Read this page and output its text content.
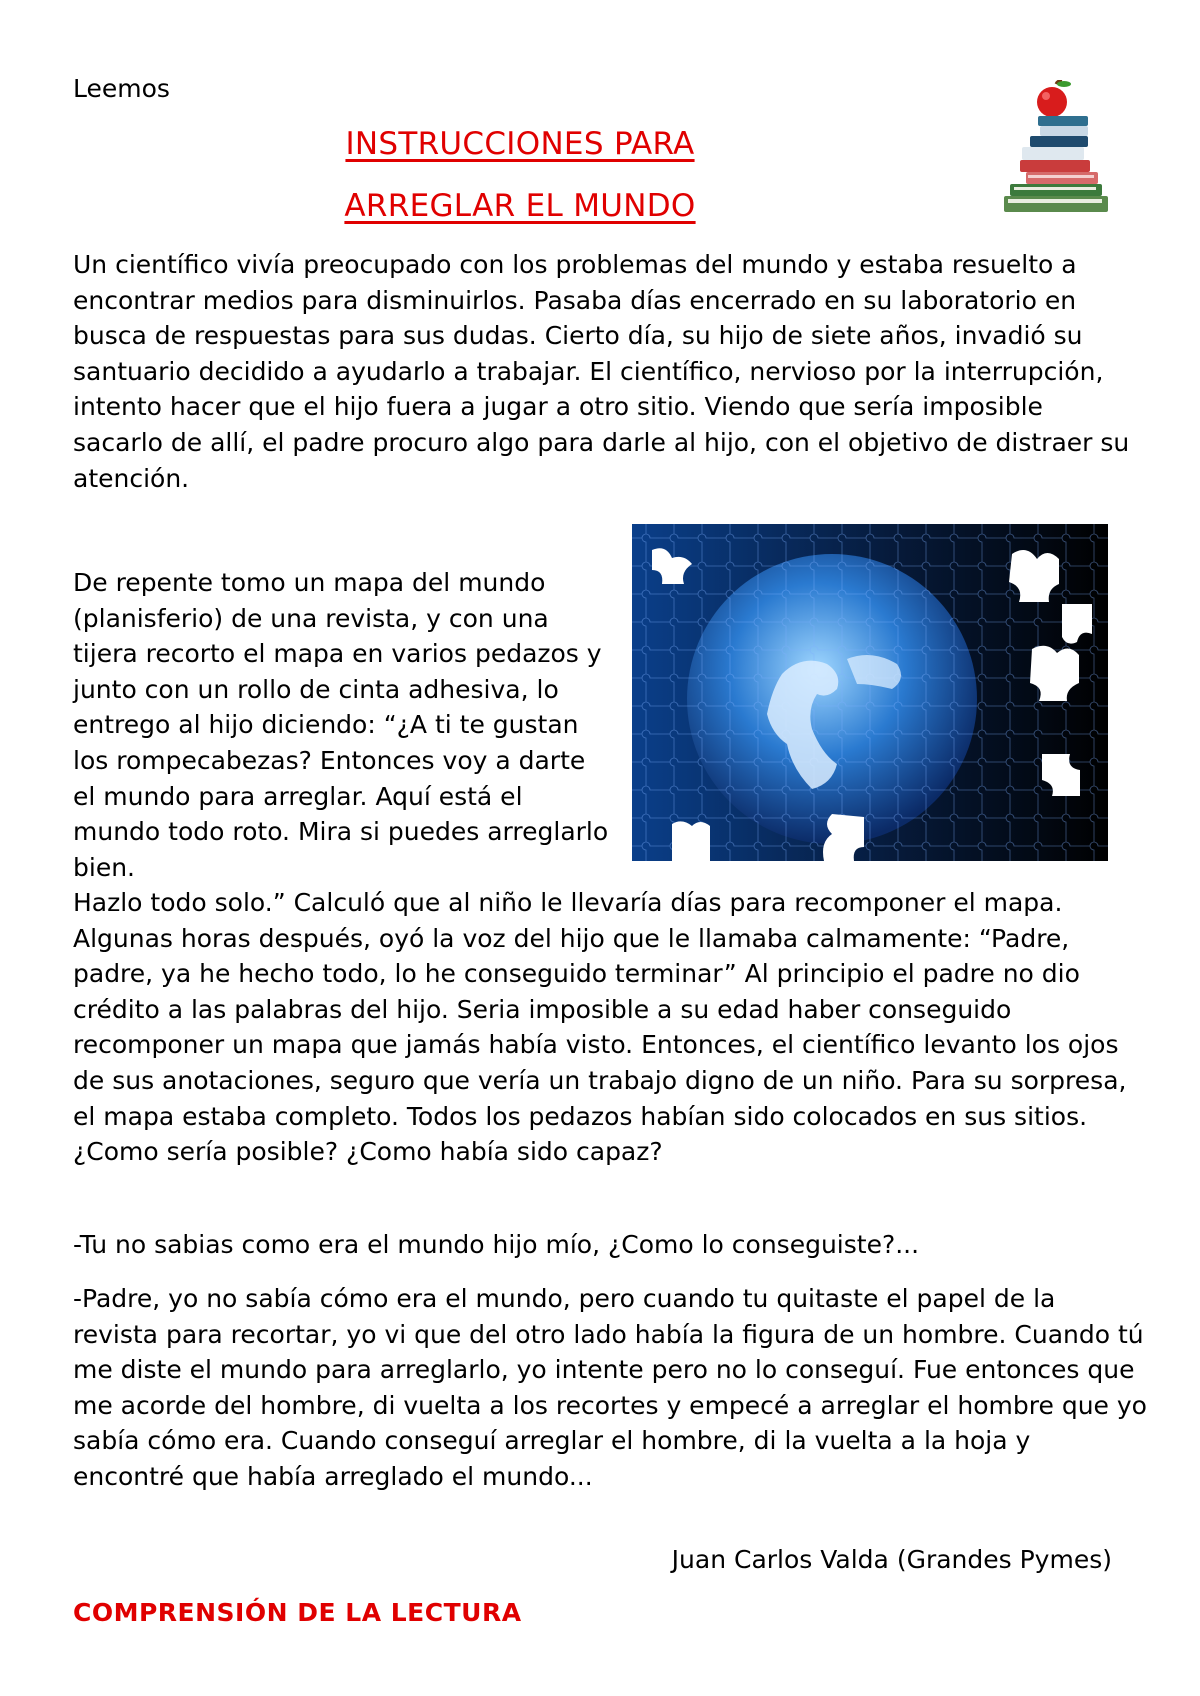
Leemos
INSTRUCCIONES PARA
ARREGLAR EL MUNDO

Un científico vivía preocupado con los problemas del mundo y estaba resuelto a encontrar medios para disminuirlos. Pasaba días encerrado en su laboratorio en busca de respuestas para sus dudas. Cierto día, su hijo de siete años, invadió su santuario decidido a ayudarlo a trabajar. El científico, nervioso por la interrupción, intento hacer que el hijo fuera a jugar a otro sitio. Viendo que sería imposible sacarlo de allí, el padre procuro algo para darle al hijo, con el objetivo de distraer su atención.

De repente tomo un mapa del mundo (planisferio) de una revista, y con una tijera recorto el mapa en varios pedazos y junto con un rollo de cinta adhesiva, lo entrego al hijo diciendo: “¿A ti te gustan los rompecabezas? Entonces voy a darte el mundo para arreglar. Aquí está el mundo todo roto. Mira si puedes arreglarlo bien.

Hazlo todo solo.” Calculó que al niño le llevaría días para recomponer el mapa. Algunas horas después, oyó la voz del hijo que le llamaba calmamente: “Padre, padre, ya he hecho todo, lo he conseguido terminar” Al principio el padre no dio crédito a las palabras del hijo. Seria imposible a su edad haber conseguido recomponer un mapa que jamás había visto. Entonces, el científico levanto los ojos de sus anotaciones, seguro que vería un trabajo digno de un niño. Para su sorpresa, el mapa estaba completo. Todos los pedazos habían sido colocados en sus sitios. ¿Como sería posible? ¿Como había sido capaz?

-Tu no sabias como era el mundo hijo mío, ¿Como lo conseguiste?...

-Padre, yo no sabía cómo era el mundo, pero cuando tu quitaste el papel de la revista para recortar, yo vi que del otro lado había la figura de un hombre. Cuando tú me diste el mundo para arreglarlo, yo intente pero no lo conseguí. Fue entonces que me acorde del hombre, di vuelta a los recortes y empecé a arreglar el hombre que yo sabía cómo era. Cuando conseguí arreglar el hombre, di la vuelta a la hoja y encontré que había arreglado el mundo...

Juan Carlos Valda (Grandes Pymes)
COMPRENSIÓN DE LA LECTURA
